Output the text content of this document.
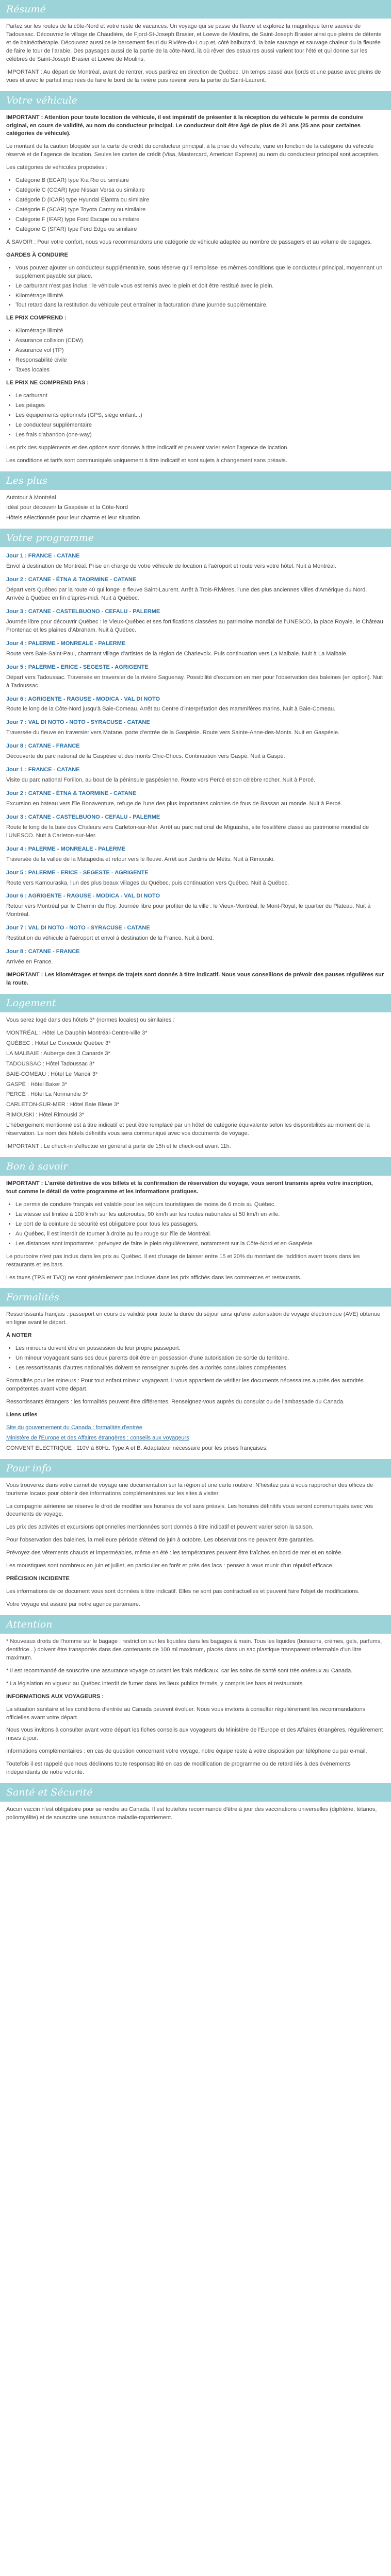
Résumé

Partez sur les routes de la côte-Nord et votre reste de vacances. Un voyage qui se passe du fleuve et explorez la magnifique terre sauvée de Tadoussac. Découvrez le village de Chaudière, de Fjord-St-Joseph Brasier, et Loewe de Moulins, de Saint-Joseph Brasier ainsi que pleins de détente et de balnéothérapie. Découvrez aussi ce le bercement fleuri du Rivière-du-Loup et, côté balbuzard, la baie sauvage et sauvage chaleur du la fleurée de faire le tour de l’arabie. Des paysages aussi de la partie de la côte-Nord, là où rêver des estuaires aussi varient tour l’été et qui donne sur les célèbres de Saint-Joseph Brasier et Loewe de Moulins.

IMPORTANT : Au départ de Montréal, avant de rentrer, vous partirez en direction de Québec. Un temps passé aux fjords et une pause avec pleins de vues et avec le parfait inspirées de faire le bord de la rivière puis revenir vers la partie du Saint-Laurent.

Votre véhicule

IMPORTANT : Attention pour toute location de véhicule, il est impératif de présenter à la réception du véhicule le permis de conduire original, en cours de validité, au nom du conducteur principal. Le conducteur doit être âgé de plus de 21 ans (25 ans pour certaines catégories de véhicule).

Le montant de la caution bloquée sur la carte de crédit du conducteur principal, à la prise du véhicule, varie en fonction de la catégorie du véhicule réservé et de l’agence de location. Seules les cartes de crédit (Visa, Mastercard, American Express) au nom du conducteur principal sont acceptées.

Les catégories de véhicules proposées :

• Catégorie B (ECAR) type Kia Rio ou similaire
• Catégorie C (CCAR) type Nissan Versa ou similaire
• Catégorie D (ICAR) type Hyundai Elantra ou similaire
• Catégorie E (SCAR) type Toyota Camry ou similaire
• Catégorie F (IFAR) type Ford Escape ou similaire
• Catégorie G (SFAR) type Ford Edge ou similaire

À SAVOIR : Pour votre confort, nous vous recommandons une catégorie de véhicule adaptée au nombre de passagers et au volume de bagages.

GARDES À CONDUIRE

• Vous pouvez ajouter un conducteur supplémentaire, sous réserve qu'il remplisse les mêmes conditions que le conducteur principal, moyennant un supplément payable sur place.
• Le carburant n'est pas inclus : le véhicule vous est remis avec le plein et doit être restitué avec le plein.
• Kilométrage illimité.
• Tout retard dans la restitution du véhicule peut entraîner la facturation d'une journée supplémentaire.

LE PRIX COMPREND :

• Kilométrage illimité
• Assurance collision (CDW)
• Assurance vol (TP)
• Responsabilité civile
• Taxes locales

LE PRIX NE COMPREND PAS :

• Le carburant
• Les péages
• Les équipements optionnels (GPS, siège enfant...)
• Le conducteur supplémentaire
• Les frais d'abandon (one-way)

Les prix des suppléments et des options sont donnés à titre indicatif et peuvent varier selon l'agence de location.

Les conditions et tarifs sont communiqués uniquement à titre indicatif et sont sujets à changement sans préavis.

Les plus

Autotour à Montréal

Idéal pour découvrir la Gaspésie et la Côte-Nord

Hôtels sélectionnés pour leur charme et leur situation

Votre programme
Jour 1 : FRANCE - CATANE

Envol à destination de Montréal. Prise en charge de votre véhicule de location à l'aéroport et route vers votre hôtel. Nuit à Montréal.

Jour 2 : CATANE - ÉTNA & TAORMINE - CATANE

Départ vers Québec par la route 40 qui longe le fleuve Saint-Laurent. Arrêt à Trois-Rivières, l'une des plus anciennes villes d'Amérique du Nord. Arrivée à Québec en fin d'après-midi. Nuit à Québec.

Jour 3 : CATANE - CASTELBUONO - CEFALU - PALERME

Journée libre pour découvrir Québec : le Vieux-Québec et ses fortifications classées au patrimoine mondial de l'UNESCO, la place Royale, le Château Frontenac et les plaines d'Abraham. Nuit à Québec.

Jour 4 : PALERME - MONREALE - PALERME

Route vers Baie-Saint-Paul, charmant village d'artistes de la région de Charlevoix. Puis continuation vers La Malbaie. Nuit à La Malbaie.

Jour 5 : PALERME - ERICE - SEGESTE - AGRIGENTE

Départ vers Tadoussac. Traversée en traversier de la rivière Saguenay. Possibilité d'excursion en mer pour l'observation des baleines (en option). Nuit à Tadoussac.

Jour 6 : AGRIGENTE - RAGUSE - MODICA - VAL DI NOTO

Route le long de la Côte-Nord jusqu'à Baie-Comeau. Arrêt au Centre d'interprétation des mammifères marins. Nuit à Baie-Comeau.

Jour 7 : VAL DI NOTO - NOTO - SYRACUSE - CATANE

Traversée du fleuve en traversier vers Matane, porte d'entrée de la Gaspésie. Route vers Sainte-Anne-des-Monts. Nuit en Gaspésie.

Jour 8 : CATANE - FRANCE

Découverte du parc national de la Gaspésie et des monts Chic-Chocs. Continuation vers Gaspé. Nuit à Gaspé.

Jour 1 : FRANCE - CATANE

Visite du parc national Forillon, au bout de la péninsule gaspésienne. Route vers Percé et son célèbre rocher. Nuit à Percé.

Jour 2 : CATANE - ÉTNA & TAORMINE - CATANE

Excursion en bateau vers l'île Bonaventure, refuge de l'une des plus importantes colonies de fous de Bassan au monde. Nuit à Percé.

Jour 3 : CATANE - CASTELBUONO - CEFALU - PALERME

Route le long de la baie des Chaleurs vers Carleton-sur-Mer. Arrêt au parc national de Miguasha, site fossilifère classé au patrimoine mondial de l'UNESCO. Nuit à Carleton-sur-Mer.

Jour 4 : PALERME - MONREALE - PALERME

Traversée de la vallée de la Matapédia et retour vers le fleuve. Arrêt aux Jardins de Métis. Nuit à Rimouski.

Jour 5 : PALERME - ERICE - SEGESTE - AGRIGENTE

Route vers Kamouraska, l'un des plus beaux villages du Québec, puis continuation vers Québec. Nuit à Québec.

Jour 6 : AGRIGENTE - RAGUSE - MODICA - VAL DI NOTO

Retour vers Montréal par le Chemin du Roy. Journée libre pour profiter de la ville : le Vieux-Montréal, le Mont-Royal, le quartier du Plateau. Nuit à Montréal.

Jour 7 : VAL DI NOTO - NOTO - SYRACUSE - CATANE

Restitution du véhicule à l'aéroport et envol à destination de la France. Nuit à bord.

Jour 8 : CATANE - FRANCE

Arrivée en France.

IMPORTANT : Les kilométrages et temps de trajets sont donnés à titre indicatif. Nous vous conseillons de prévoir des pauses régulières sur la route.

Logement

Vous serez logé dans des hôtels 3* (normes locales) ou similaires :

MONTRÉAL : Hôtel Le Dauphin Montréal-Centre-ville 3*

QUÉBEC : Hôtel Le Concorde Québec 3*

LA MALBAIE : Auberge des 3 Canards 3*

TADOUSSAC : Hôtel Tadoussac 3*

BAIE-COMEAU : Hôtel Le Manoir 3*

GASPÉ : Hôtel Baker 3*

PERCÉ : Hôtel La Normandie 3*

CARLETON-SUR-MER : Hôtel Baie Bleue 3*

RIMOUSKI : Hôtel Rimouski 3*

L'hébergement mentionné est à titre indicatif et peut être remplacé par un hôtel de catégorie équivalente selon les disponibilités au moment de la réservation. Le nom des hôtels définitifs vous sera communiqué avec vos documents de voyage.

IMPORTANT : Le check-in s'effectue en général à partir de 15h et le check-out avant 11h.

Bon à savoir

IMPORTANT : L'arrêté définitive de vos billets et la confirmation de réservation du voyage, vous seront transmis après votre inscription, tout comme le détail de votre programme et les informations pratiques.

• Le permis de conduire français est valable pour les séjours touristiques de moins de 6 mois au Québec.
• La vitesse est limitée à 100 km/h sur les autoroutes, 90 km/h sur les routes nationales et 50 km/h en ville.
• Le port de la ceinture de sécurité est obligatoire pour tous les passagers.
• Au Québec, il est interdit de tourner à droite au feu rouge sur l'île de Montréal.
• Les distances sont importantes : prévoyez de faire le plein régulièrement, notamment sur la Côte-Nord et en Gaspésie.

Le pourboire n'est pas inclus dans les prix au Québec. Il est d'usage de laisser entre 15 et 20% du montant de l'addition avant taxes dans les restaurants et les bars.

Les taxes (TPS et TVQ) ne sont généralement pas incluses dans les prix affichés dans les commerces et restaurants.

Formalités

Ressortissants français : passeport en cours de validité pour toute la durée du séjour ainsi qu'une autorisation de voyage électronique (AVE) obtenue en ligne avant le départ.

À NOTER

• Les mineurs doivent être en possession de leur propre passeport.
• Un mineur voyageant sans ses deux parents doit être en possession d'une autorisation de sortie du territoire.
• Les ressortissants d'autres nationalités doivent se renseigner auprès des autorités consulaires compétentes.

Formalités pour les mineurs : Pour tout enfant mineur voyageant, il vous appartient de vérifier les documents nécessaires auprès des autorités compétentes avant votre départ.

Ressortissants étrangers : les formalités peuvent être différentes. Renseignez-vous auprès du consulat ou de l'ambassade du Canada.

Liens utiles

Site du gouvernement du Canada : formalités d'entrée

Ministère de l'Europe et des Affaires étrangères : conseils aux voyageurs

CONVENT ELECTRIQUE : 110V à 60Hz. Type A et B. Adaptateur nécessaire pour les prises françaises.

Pour info

Vous trouverez dans votre carnet de voyage une documentation sur la région et une carte routière. N'hésitez pas à vous rapprocher des offices de tourisme locaux pour obtenir des informations complémentaires sur les sites à visiter.

La compagnie aérienne se réserve le droit de modifier ses horaires de vol sans préavis. Les horaires définitifs vous seront communiqués avec vos documents de voyage.

Les prix des activités et excursions optionnelles mentionnées sont donnés à titre indicatif et peuvent varier selon la saison.

Pour l'observation des baleines, la meilleure période s'étend de juin à octobre. Les observations ne peuvent être garanties.

Prévoyez des vêtements chauds et imperméables, même en été : les températures peuvent être fraîches en bord de mer et en soirée.

Les moustiques sont nombreux en juin et juillet, en particulier en forêt et près des lacs : pensez à vous munir d'un répulsif efficace.

PRÉCISION INCIDENTE

Les informations de ce document vous sont données à titre indicatif. Elles ne sont pas contractuelles et peuvent faire l'objet de modifications.

Votre voyage est assuré par notre agence partenaire.

Attention

* Nouveaux droits de l'homme sur le bagage : restriction sur les liquides dans les bagages à main. Tous les liquides (boissons, crèmes, gels, parfums, dentifrice...) doivent être transportés dans des contenants de 100 ml maximum, placés dans un sac plastique transparent refermable d'un litre maximum.

* Il est recommandé de souscrire une assurance voyage couvrant les frais médicaux, car les soins de santé sont très onéreux au Canada.

* La législation en vigueur au Québec interdit de fumer dans les lieux publics fermés, y compris les bars et restaurants.

INFORMATIONS AUX VOYAGEURS :

La situation sanitaire et les conditions d'entrée au Canada peuvent évoluer. Nous vous invitons à consulter régulièrement les recommandations officielles avant votre départ.

Nous vous invitons à consulter avant votre départ les fiches conseils aux voyageurs du Ministère de l'Europe et des Affaires étrangères, régulièrement mises à jour.

Informations complémentaires : en cas de question concernant votre voyage, notre équipe reste à votre disposition par téléphone ou par e-mail.

Toutefois il est rappelé que nous déclinons toute responsabilité en cas de modification de programme ou de retard liés à des événements indépendants de notre volonté.

Santé et Sécurité

Aucun vaccin n'est obligatoire pour se rendre au Canada. Il est toutefois recommandé d'être à jour des vaccinations universelles (diphtérie, tétanos, poliomyélite) et de souscrire une assurance maladie-rapatriement.
